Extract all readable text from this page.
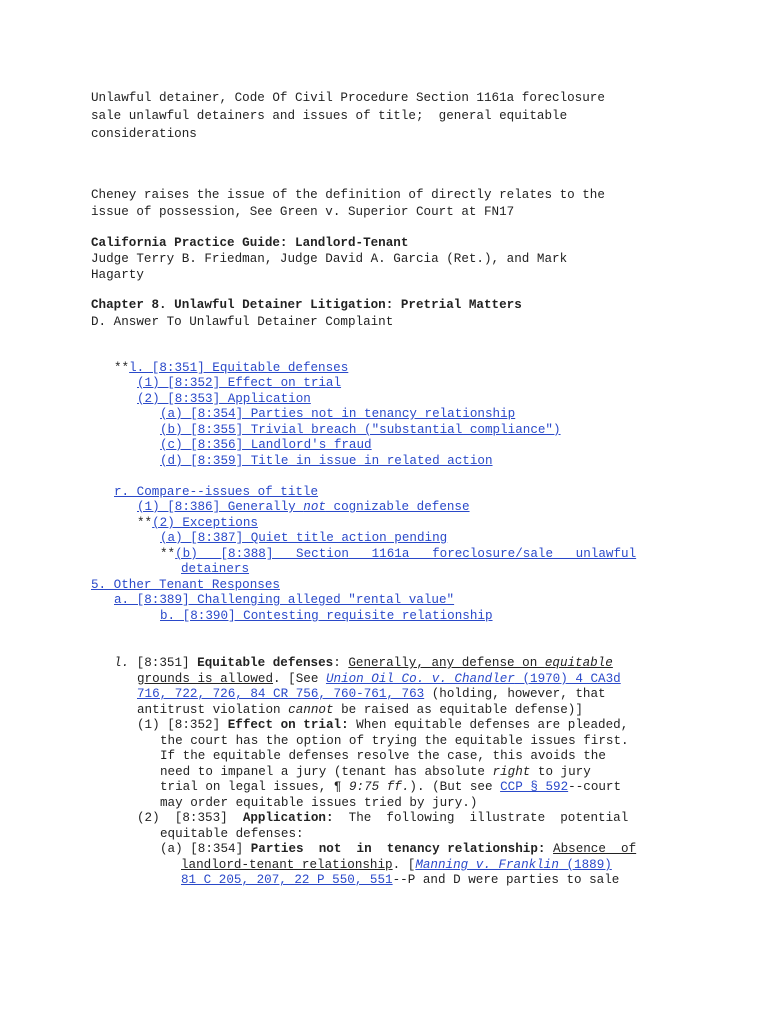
Unlawful detainer, Code Of Civil Procedure Section 1161a foreclosure
sale unlawful detainers and issues of title;  general equitable
considerations
Cheney raises the issue of the definition of directly relates to the
issue of possession, See Green v. Superior Court at FN17
California Practice Guide: Landlord-Tenant
Judge Terry B. Friedman, Judge David A. Garcia (Ret.), and Mark
Hagarty
Chapter 8. Unlawful Detainer Litigation: Pretrial Matters
D. Answer To Unlawful Detainer Complaint
**l. [8:351] Equitable defenses
(1) [8:352] Effect on trial
(2) [8:353] Application
(a) [8:354] Parties not in tenancy relationship
(b) [8:355] Trivial breach ("substantial compliance")
(c) [8:356] Landlord's fraud
(d) [8:359] Title in issue in related action
r. Compare--issues of title
(1) [8:386] Generally not cognizable defense
**(2) Exceptions
(a) [8:387] Quiet title action pending
**(b)   [8:388]   Section   1161a   foreclosure/sale   unlawful
detainers
5. Other Tenant Responses
a. [8:389] Challenging alleged "rental value"
b. [8:390] Contesting requisite relationship
l. [8:351] Equitable defenses: Generally, any defense on equitable
grounds is allowed. [See Union Oil Co. v. Chandler (1970) 4 CA3d
716, 722, 726, 84 CR 756, 760-761, 763 (holding, however, that
antitrust violation cannot be raised as equitable defense)]
(1) [8:352] Effect on trial: When equitable defenses are pleaded,
the court has the option of trying the equitable issues first.
If the equitable defenses resolve the case, this avoids the
need to impanel a jury (tenant has absolute right to jury
trial on legal issues, ¶ 9:75 ff.). (But see CCP § 592--court
may order equitable issues tried by jury.)
(2)  [8:353]  Application:  The  following  illustrate  potential
equitable defenses:
(a) [8:354] Parties  not  in  tenancy relationship: Absence  of
landlord-tenant relationship. [Manning v. Franklin (1889)
81 C 205, 207, 22 P 550, 551--P and D were parties to sale
